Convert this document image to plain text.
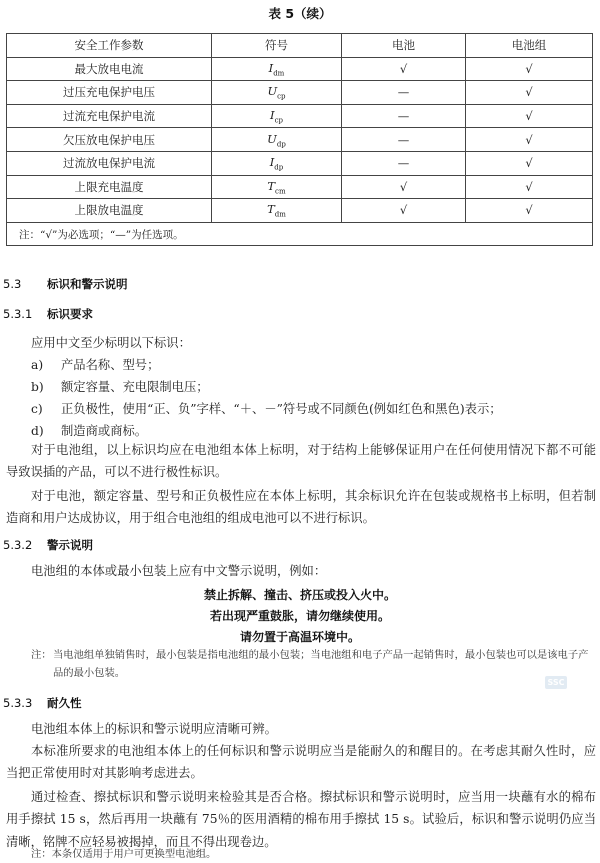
表 5（续）
安全工作参数	符号	电池	电池组
最大放电电流	$I_{dm}$	√	√
过压充电保护电压	$U_{cp}$	—	√
过流充电保护电流	$I_{cp}$	—	√
欠压放电保护电压	$U_{dp}$	—	√
过流放电保护电流	$I_{dp}$	—	√
上限充电温度	$T_{cm}$	√	√
上限放电温度	$T_{dm}$	√	√
注：“√”为必选项；“—”为任选项。			
5.3 标识和警示说明
5.3.1 标识要求
应用中文至少标明以下标识：
a) 产品名称、型号；
b) 额定容量、充电限制电压；
c) 正负极性，使用“正、负”字样、“＋、－”符号或不同颜色(例如红色和黑色)表示；
d) 制造商或商标。
对于电池组，以上标识均应在电池组本体上标明，对于结构上能够保证用户在任何使用情况下都不可能导致误插的产品，可以不进行极性标识。
对于电池，额定容量、型号和正负极性应在本体上标明，其余标识允许在包装或规格书上标明，但若制造商和用户达成协议，用于组合电池组的组成电池可以不进行标识。
5.3.2 警示说明
电池组的本体或最小包装上应有中文警示说明，例如：
禁止拆解、撞击、挤压或投入火中。
若出现严重鼓胀，请勿继续使用。
请勿置于高温环境中。
注： 当电池组单独销售时，最小包装是指电池组的最小包装；当电池组和电子产品一起销售时，最小包装也可以是该电子产品的最小包装。
SSC
5.3.3 耐久性
电池组本体上的标识和警示说明应清晰可辨。
本标准所要求的电池组本体上的任何标识和警示说明应当是能耐久的和醒目的。在考虑其耐久性时，应当把正常使用时对其影响考虑进去。
通过检查、擦拭标识和警示说明来检验其是否合格。擦拭标识和警示说明时，应当用一块蘸有水的棉布用手擦拭 15 s，然后再用一块蘸有 75％的医用酒精的棉布用手擦拭 15 s。试验后，标识和警示说明仍应当清晰，铭牌不应轻易被揭掉，而且不得出现卷边。
注：本条仅适用于用户可更换型电池组。
